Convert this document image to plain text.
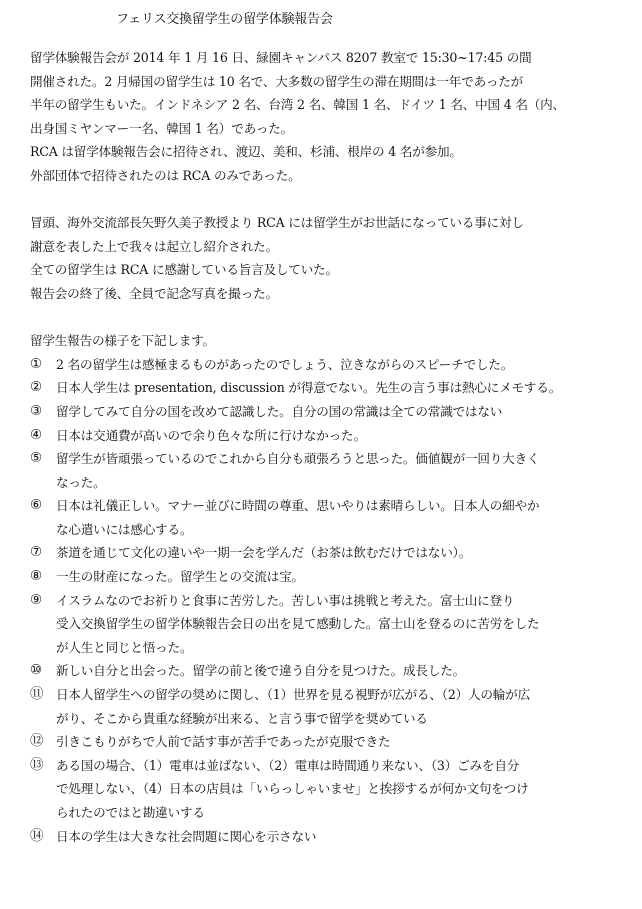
フェリス交換留学生の留学体験報告会
留学体験報告会が 2014 年 1 月 16 日、緑園キャンパス 8207 教室で 15:30~17:45 の間
開催された。2 月帰国の留学生は 10 名で、大多数の留学生の滞在期間は一年であったが
半年の留学生もいた。インドネシア 2 名、台湾 2 名、韓国 1 名、ドイツ 1 名、中国 4 名（内、
出身国ミヤンマー一名、韓国 1 名）であった。
RCA は留学体験報告会に招待され、渡辺、美和、杉浦、根岸の 4 名が参加。
外部団体で招待されたのは RCA のみであった。
冒頭、海外交流部長矢野久美子教授より RCA には留学生がお世話になっている事に対し
謝意を表した上で我々は起立し紹介された。
全ての留学生は RCA に感謝している旨言及していた。
報告会の終了後、全員で記念写真を撮った。
留学生報告の様子を下記します。
① 2 名の留学生は感極まるものがあったのでしょう、泣きながらのスピーチでした。
② 日本人学生は presentation, discussion が得意でない。先生の言う事は熱心にメモする。
③ 留学してみて自分の国を改めて認識した。自分の国の常識は全ての常識ではない
④ 日本は交通費が高いので余り色々な所に行けなかった。
⑤ 留学生が皆頑張っているのでこれから自分も頑張ろうと思った。価値観が一回り大きく
なった。
⑥ 日本は礼儀正しい。マナー並びに時間の尊重、思いやりは素晴らしい。日本人の細やか
な心遣いには感心する。
⑦ 茶道を通じて文化の違いや一期一会を学んだ（お茶は飲むだけではない）。
⑧ 一生の財産になった。留学生との交流は宝。
⑨ イスラムなのでお祈りと食事に苦労した。苦しい事は挑戦と考えた。富士山に登り
受入交換留学生の留学体験報告会日の出を見て感動した。富士山を登るのに苦労をした
が人生と同じと悟った。
⑩ 新しい自分と出会った。留学の前と後で違う自分を見つけた。成長した。
⑪ 日本人留学生への留学の奨めに関し、（1）世界を見る視野が広がる、（2）人の輪が広
がり、そこから貴重な経験が出来る、と言う事で留学を奨めている
⑫ 引きこもりがちで人前で話す事が苦手であったが克服できた
⑬ ある国の場合、（1）電車は並ばない、（2）電車は時間通り来ない、（3）ごみを自分
で処理しない、（4）日本の店員は「いらっしゃいませ」と挨拶するが何か文句をつけ
られたのではと勘違いする
⑭ 日本の学生は大きな社会問題に関心を示さない
